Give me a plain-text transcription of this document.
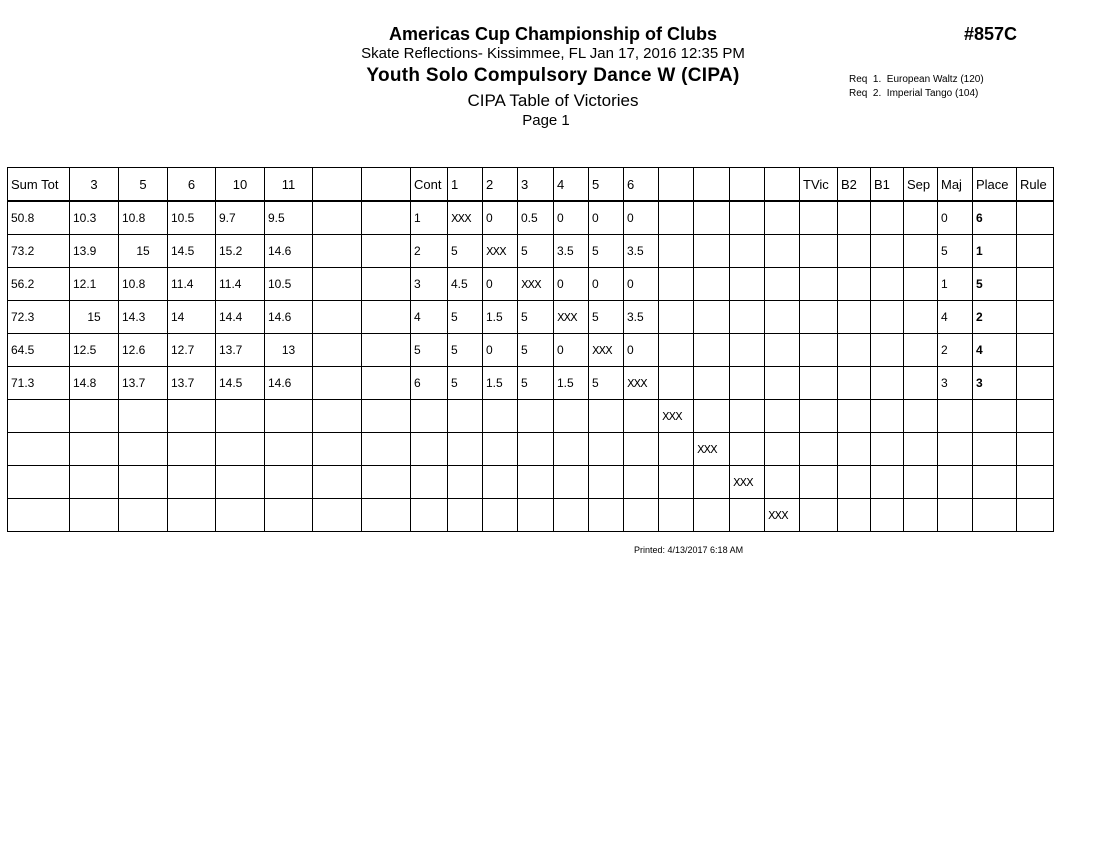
Americas Cup Championship of Clubs
Skate Reflections- Kissimmee, FL Jan 17, 2016 12:35 PM
Youth Solo Compulsory Dance W (CIPA)
CIPA Table of Victories
Page 1
#857C
Req  1.  European Waltz (120)
Req  2.  Imperial Tango (104)
Sum Tot	3	5	6	10	11			Cont	1	2	3	4	5	6					TVic	B2	B1	Sep	Maj	Place	Rule
50.8	10.3	10.8	10.5	9.7	9.5			1	XXX	0	0.5	0	0	0									0	6	
73.2	13.9	15	14.5	15.2	14.6			2	5	XXX	5	3.5	5	3.5									5	1	
56.2	12.1	10.8	11.4	11.4	10.5			3	4.5	0	XXX	0	0	0									1	5	
72.3	15	14.3	14	14.4	14.6			4	5	1.5	5	XXX	5	3.5									4	2	
64.5	12.5	12.6	12.7	13.7	13			5	5	0	5	0	XXX	0									2	4	
71.3	14.8	13.7	13.7	14.5	14.6			6	5	1.5	5	1.5	5	XXX									3	3	
															XXX										
																XXX									
																	XXX								
																		XXX							
Printed: 4/13/2017 6:18 AM
